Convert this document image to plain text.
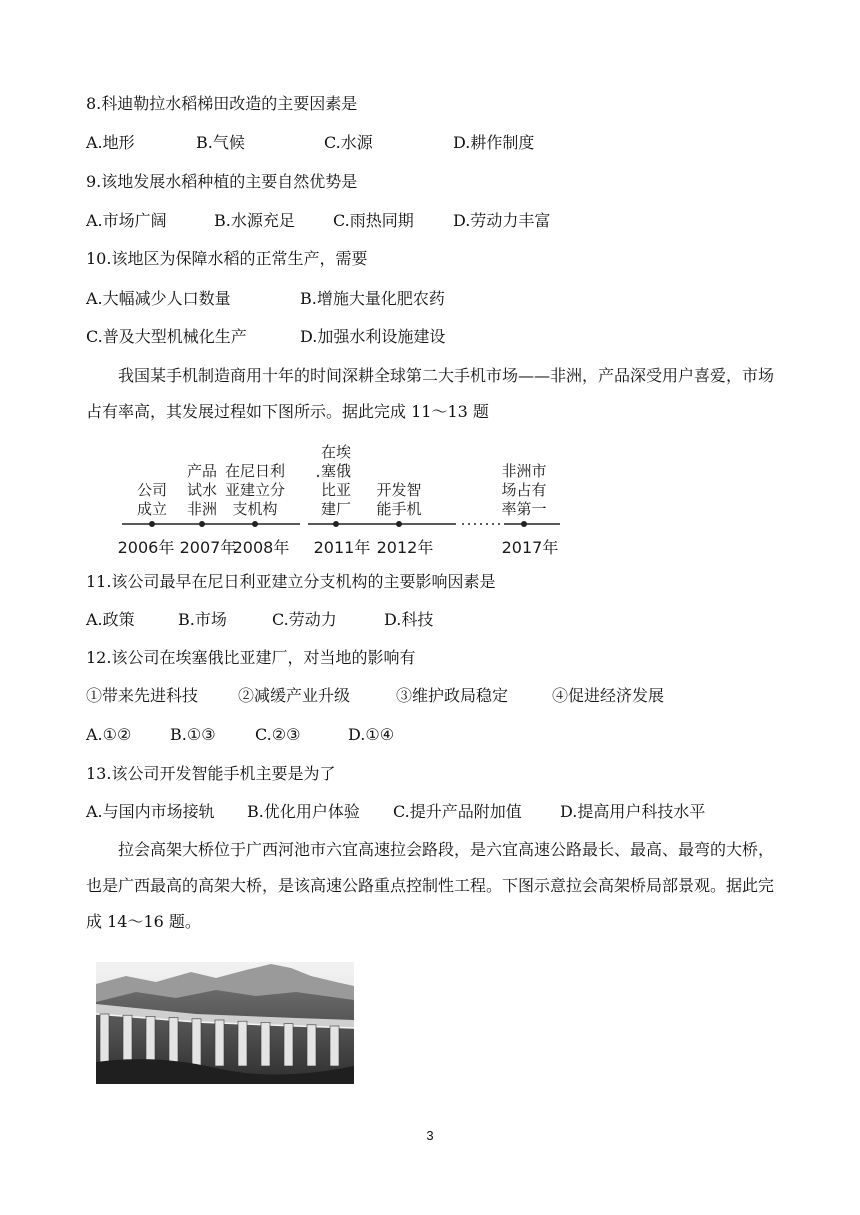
8.科迪勒拉水稻梯田改造的主要因素是
A.地形	B.气候	C.水源	D.耕作制度
9.该地发展水稻种植的主要自然优势是
A.市场广阔	B.水源充足 C.雨热同期 D.劳动力丰富
10.该地区为保障水稻的正常生产，需要
A.大幅减少人口数量	B.增施大量化肥农药
C.普及大型机械化生产	D.加强水利设施建设
我国某手机制造商用十年的时间深耕全球第二大手机市场——非洲，产品深受用户喜爱，市场占有率高，其发展过程如下图所示。据此完成 11～13 题
公司
成立
产品
试水
非洲
在尼日利
亚建立分
支机构
在埃
塞俄
比亚
建厂
开发智
能手机
非洲市
场占有
率第一
2006年 2007年
2008年 2011年 2012年	2017年
11.该公司最早在尼日利亚建立分支机构的主要影响因素是
A.政策	B.市场	C.劳动力	D.科技
12.该公司在埃塞俄比亚建厂，对当地的影响有
①带来先进科技 ②减缓产业升级	③维护政局稳定	④促进经济发展
A.①② B.①③ C.②③	D.①④
13.该公司开发智能手机主要是为了
A.与国内市场接轨 B.优化用户体验 C.提升产品附加值 D.提高用户科技水平
拉会高架大桥位于广西河池市六宜高速拉会路段，是六宜高速公路最长、最高、最弯的大桥，也是广西最高的高架大桥，是该高速公路重点控制性工程。下图示意拉会高架桥局部景观。据此完成 14～16 题。
3
